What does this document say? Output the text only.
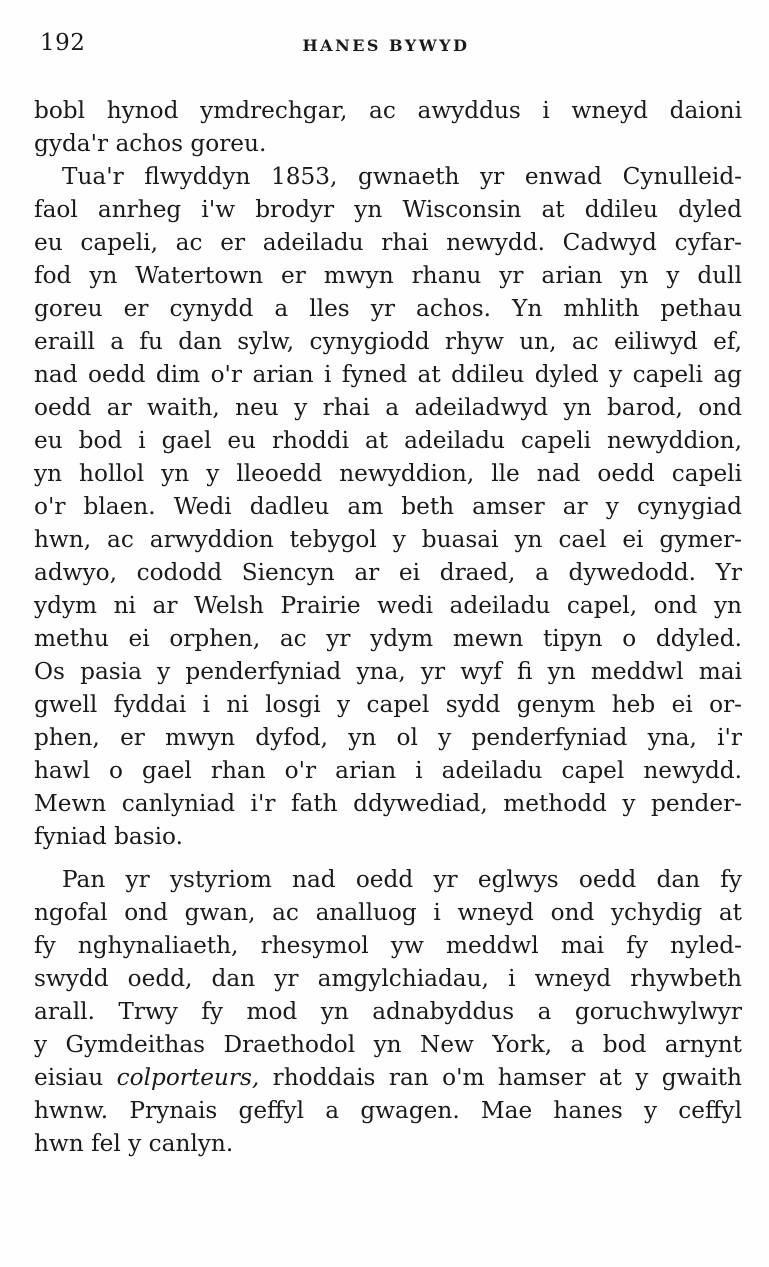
192	HANES BYWYD
bobl hynod ymdrechgar, ac awyddus i wneyd daioni
gyda'r achos goreu.
Tua'r flwyddyn 1853, gwnaeth yr enwad Cynulleid-
faol anrheg i'w brodyr yn Wisconsin at ddileu dyled
eu capeli, ac er adeiladu rhai newydd. Cadwyd cyfar-
fod yn Watertown er mwyn rhanu yr arian yn y dull
goreu er cynydd a lles yr achos. Yn mhlith pethau
eraill a fu dan sylw, cynygiodd rhyw un, ac eiliwyd ef,
nad oedd dim o'r arian i fyned at ddileu dyled y capeli ag
oedd ar waith, neu y rhai a adeiladwyd yn barod, ond
eu bod i gael eu rhoddi at adeiladu capeli newyddion,
yn hollol yn y lleoedd newyddion, lle nad oedd capeli
o'r blaen. Wedi dadleu am beth amser ar y cynygiad
hwn, ac arwyddion tebygol y buasai yn cael ei gymer-
adwyo, cododd Siencyn ar ei draed, a dywedodd. Yr
ydym ni ar Welsh Prairie wedi adeiladu capel, ond yn
methu ei orphen, ac yr ydym mewn tipyn o ddyled.
Os pasia y penderfyniad yna, yr wyf fi yn meddwl mai
gwell fyddai i ni losgi y capel sydd genym heb ei or-
phen, er mwyn dyfod, yn ol y penderfyniad yna, i'r
hawl o gael rhan o'r arian i adeiladu capel newydd.
Mewn canlyniad i'r fath ddywediad, methodd y pender-
fyniad basio.
Pan yr ystyriom nad oedd yr eglwys oedd dan fy
ngofal ond gwan, ac analluog i wneyd ond ychydig at
fy nghynaliaeth, rhesymol yw meddwl mai fy nyled-
swydd oedd, dan yr amgylchiadau, i wneyd rhywbeth
arall. Trwy fy mod yn adnabyddus a goruchwylwyr
y Gymdeithas Draethodol yn New York, a bod arnynt
eisiau colporteurs, rhoddais ran o'm hamser at y gwaith
hwnw. Prynais geffyl a gwagen. Mae hanes y ceffyl
hwn fel y canlyn.
